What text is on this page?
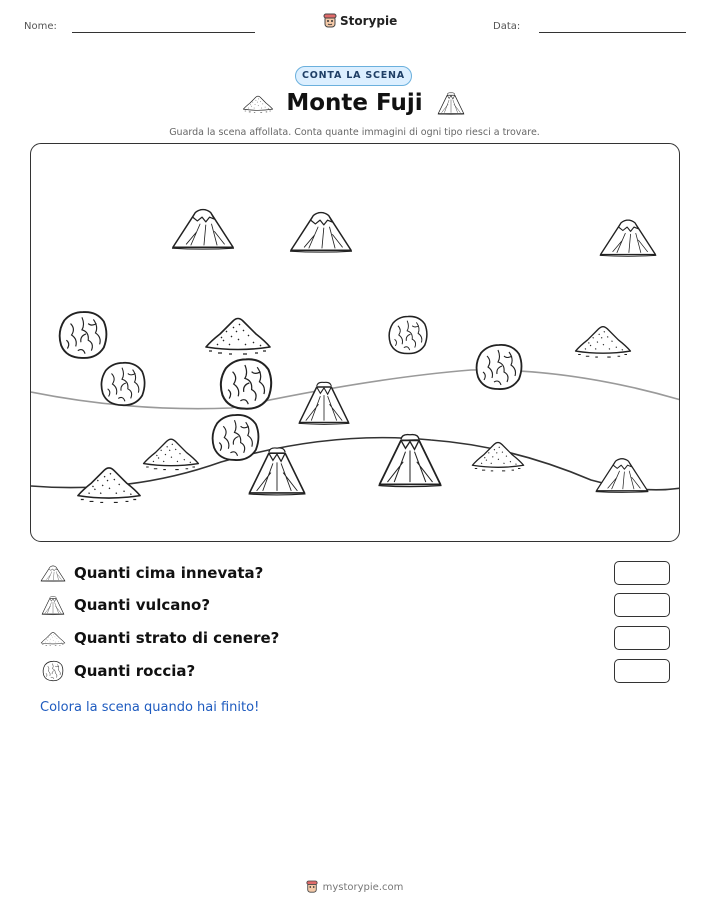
Nome:	Storypie	Data:
CONTA LA SCENA
Monte Fuji
Guarda la scena affollata. Conta quante immagini di ogni tipo riesci a trovare.
Quanti cima innevata?
Quanti vulcano?
Quanti strato di cenere?
Quanti roccia?
Colora la scena quando hai finito!
mystorypie.com
